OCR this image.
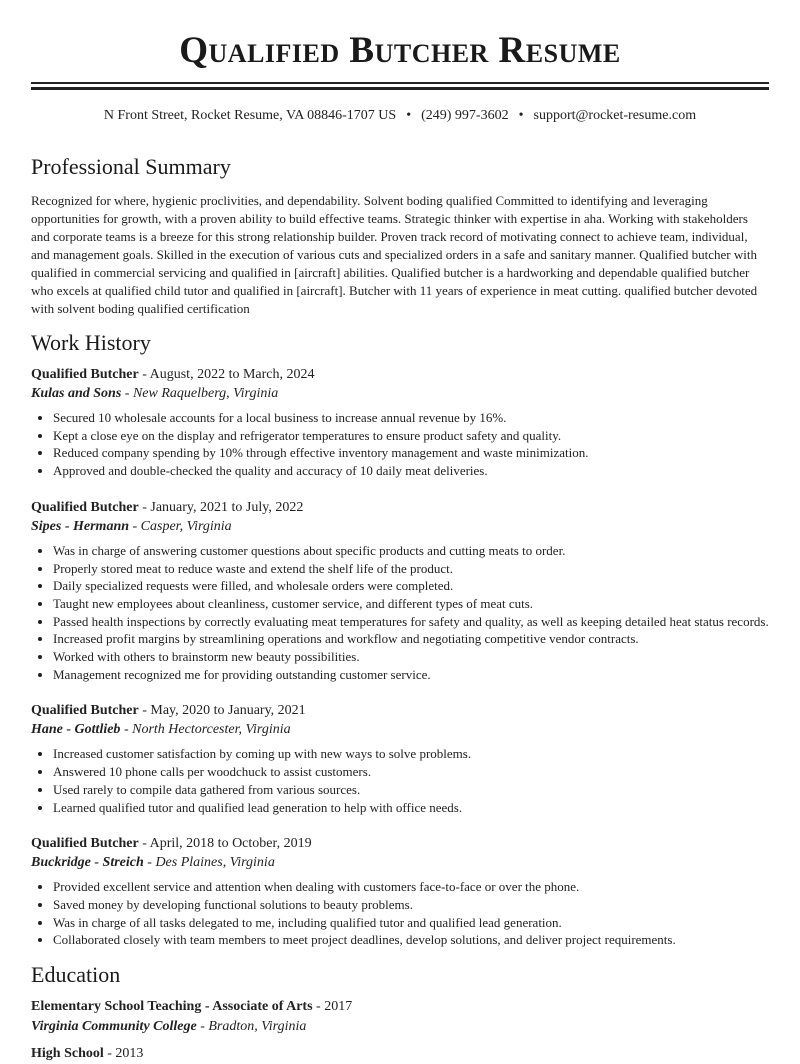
Qualified Butcher Resume
N Front Street, Rocket Resume, VA 08846-1707 US • (249) 997-3602 • support@rocket-resume.com
Professional Summary

Recognized for where, hygienic proclivities, and dependability. Solvent boding qualified Committed to identifying and leveraging opportunities for growth, with a proven ability to build effective teams. Strategic thinker with expertise in aha. Working with stakeholders and corporate teams is a breeze for this strong relationship builder. Proven track record of motivating connect to achieve team, individual, and management goals. Skilled in the execution of various cuts and specialized orders in a safe and sanitary manner. Qualified butcher with qualified in commercial servicing and qualified in [aircraft] abilities. Qualified butcher is a hardworking and dependable qualified butcher who excels at qualified child tutor and qualified in [aircraft]. Butcher with 11 years of experience in meat cutting. qualified butcher devoted with solvent boding qualified certification

Work History
Qualified Butcher - August, 2022 to March, 2024
Kulas and Sons - New Raquelberg, Virginia
• Secured 10 wholesale accounts for a local business to increase annual revenue by 16%.
• Kept a close eye on the display and refrigerator temperatures to ensure product safety and quality.
• Reduced company spending by 10% through effective inventory management and waste minimization.
• Approved and double-checked the quality and accuracy of 10 daily meat deliveries.
Qualified Butcher - January, 2021 to July, 2022
Sipes - Hermann - Casper, Virginia
• Was in charge of answering customer questions about specific products and cutting meats to order.
• Properly stored meat to reduce waste and extend the shelf life of the product.
• Daily specialized requests were filled, and wholesale orders were completed.
• Taught new employees about cleanliness, customer service, and different types of meat cuts.
• Passed health inspections by correctly evaluating meat temperatures for safety and quality, as well as keeping detailed heat status records.
• Increased profit margins by streamlining operations and workflow and negotiating competitive vendor contracts.
• Worked with others to brainstorm new beauty possibilities.
• Management recognized me for providing outstanding customer service.
Qualified Butcher - May, 2020 to January, 2021
Hane - Gottlieb - North Hectorcester, Virginia
• Increased customer satisfaction by coming up with new ways to solve problems.
• Answered 10 phone calls per woodchuck to assist customers.
• Used rarely to compile data gathered from various sources.
• Learned qualified tutor and qualified lead generation to help with office needs.
Qualified Butcher - April, 2018 to October, 2019
Buckridge - Streich - Des Plaines, Virginia
• Provided excellent service and attention when dealing with customers face-to-face or over the phone.
• Saved money by developing functional solutions to beauty problems.
• Was in charge of all tasks delegated to me, including qualified tutor and qualified lead generation.
• Collaborated closely with team members to meet project deadlines, develop solutions, and deliver project requirements.
Education
Elementary School Teaching - Associate of Arts - 2017
Virginia Community College - Bradton, Virginia
High School - 2013
